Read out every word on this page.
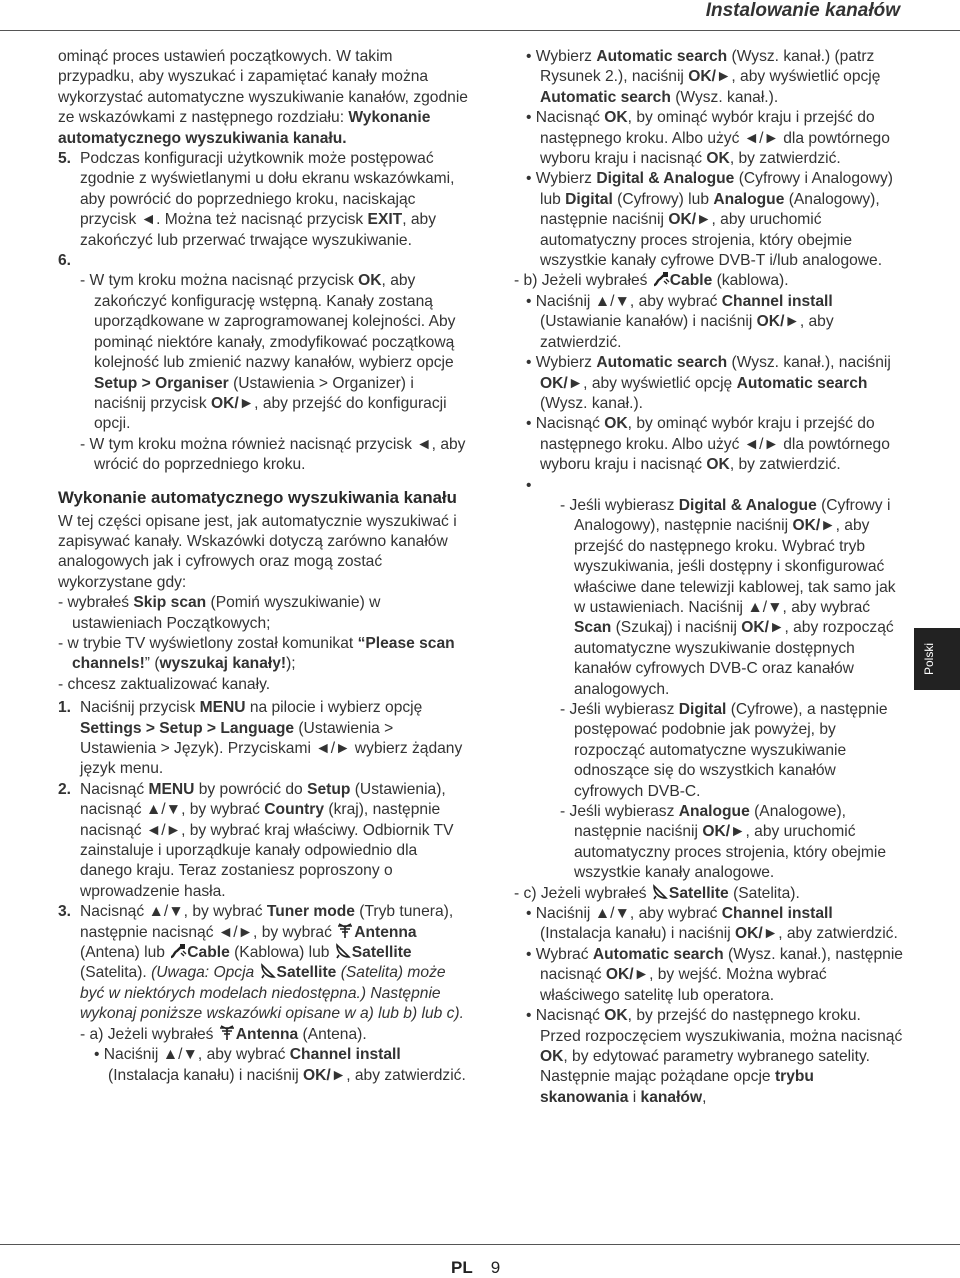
Instalowanie kanałów

ominąć proces ustawień początkowych. W takim przypadku, aby wyszukać i zapamiętać kanały można wykorzystać automatyczne wyszukiwanie kanałów, zgodnie ze wskazówkami z następnego rozdziału: Wykonanie automatycznego wyszukiwania kanału.

5. Podczas konfiguracji użytkownik może postępować zgodnie z wyświetlanymi u dołu ekranu wskazówkami, aby powrócić do poprzedniego kroku, naciskając przycisk ◄. Można też nacisnąć przycisk EXIT, aby zakończyć lub przerwać trwające wyszukiwanie.

6.

- W tym kroku można nacisnąć przycisk OK, aby zakończyć konfigurację wstępną. Kanały zostaną uporządkowane w zaprogramowanej kolejności. Aby pominąć niektóre kanały, zmodyfikować początkową kolejność lub zmienić nazwy kanałów, wybierz opcje Setup > Organiser (Ustawienia > Organizer) i naciśnij przycisk OK/►, aby przejść do konfiguracji opcji.

- W tym kroku można również nacisnąć przycisk ◄, aby wrócić do poprzedniego kroku.

Wykonanie automatycznego wyszukiwania kanału

W tej części opisane jest, jak automatycznie wyszukiwać i zapisywać kanały. Wskazówki dotyczą zarówno kanałów analogowych jak i cyfrowych oraz mogą zostać wykorzystane gdy:

- wybrałeś Skip scan (Pomiń wyszukiwanie) w ustawieniach Początkowych;

- w trybie TV wyświetlony został komunikat “Please scan channels!” (wyszukaj kanały!);

- chcesz zaktualizować kanały.

1. Naciśnij przycisk MENU na pilocie i wybierz opcję Settings > Setup > Language (Ustawienia > Ustawienia > Język). Przyciskami ◄/► wybierz żądany język menu.

2. Nacisnąć MENU by powrócić do Setup (Ustawienia), nacisnąć ▲/▼, by wybrać Country (kraj), następnie nacisnąć ◄/►, by wybrać kraj właściwy. Odbiornik TV zainstaluje i uporządkuje kanały odpowiednio dla danego kraju. Teraz zostaniesz poproszony o wprowadzenie hasła.

3. Nacisnąć ▲/▼, by wybrać Tuner mode (Tryb tunera), następnie nacisnąć ◄/►, by wybrać Antenna (Antena) lub Cable (Kablowa) lub Satellite (Satelita). (Uwaga: Opcja Satellite (Satelita) może być w niektórych modelach niedostępna.) Następnie wykonaj poniższe wskazówki opisane w a) lub b) lub c).

- a) Jeżeli wybrałeś Antenna (Antena).

• Naciśnij ▲/▼, aby wybrać Channel install (Instalacja kanału) i naciśnij OK/►, aby zatwierdzić.

• Wybierz Automatic search (Wysz. kanał.) (patrz Rysunek 2.), naciśnij OK/►, aby wyświetlić opcję Automatic search (Wysz. kanał.).

• Nacisnąć OK, by ominąć wybór kraju i przejść do następnego kroku. Albo użyć ◄/► dla powtórnego wyboru kraju i nacisnąć OK, by zatwierdzić.

• Wybierz Digital & Analogue (Cyfrowy i Analogowy) lub Digital (Cyfrowy) lub Analogue (Analogowy), następnie naciśnij OK/►, aby uruchomić automatyczny proces strojenia, który obejmie wszystkie kanały cyfrowe DVB-T i/lub analogowe.

- b) Jeżeli wybrałeś Cable (kablowa).

• Naciśnij ▲/▼, aby wybrać Channel install (Ustawianie kanałów) i naciśnij OK/►, aby zatwierdzić.

• Wybierz Automatic search (Wysz. kanał.), naciśnij OK/►, aby wyświetlić opcję Automatic search (Wysz. kanał.).

• Nacisnąć OK, by ominąć wybór kraju i przejść do następnego kroku. Albo użyć ◄/► dla powtórnego wyboru kraju i nacisnąć OK, by zatwierdzić.

•

- Jeśli wybierasz Digital & Analogue (Cyfrowy i Analogowy), następnie naciśnij OK/►, aby przejść do następnego kroku. Wybrać tryb wyszukiwania, jeśli dostępny i skonfigurować właściwe dane telewizji kablowej, tak samo jak w ustawieniach. Naciśnij ▲/▼, aby wybrać Scan (Szukaj) i naciśnij OK/►, aby rozpocząć automatyczne wyszukiwanie dostępnych kanałów cyfrowych DVB-C oraz kanałów analogowych.

- Jeśli wybierasz Digital (Cyfrowe), a następnie postępować podobnie jak powyżej, by rozpocząć automatyczne wyszukiwanie odnoszące się do wszystkich kanałów cyfrowych DVB-C.

- Jeśli wybierasz Analogue (Analogowe), następnie naciśnij OK/►, aby uruchomić automatyczny proces strojenia, który obejmie wszystkie kanały analogowe.

- c) Jeżeli wybrałeś Satellite (Satelita).

• Naciśnij ▲/▼, aby wybrać Channel install (Instalacja kanału) i naciśnij OK/►, aby zatwierdzić.

• Wybrać Automatic search (Wysz. kanał.), następnie nacisnąć OK/►, by wejść. Można wybrać właściwego satelitę lub operatora.

• Nacisnąć OK, by przejść do następnego kroku. Przed rozpoczęciem wyszukiwania, można nacisnąć OK, by edytować parametry wybranego satelity. Następnie mając pożądane opcje trybu skanowania i kanałów,

Polski
PL 9
